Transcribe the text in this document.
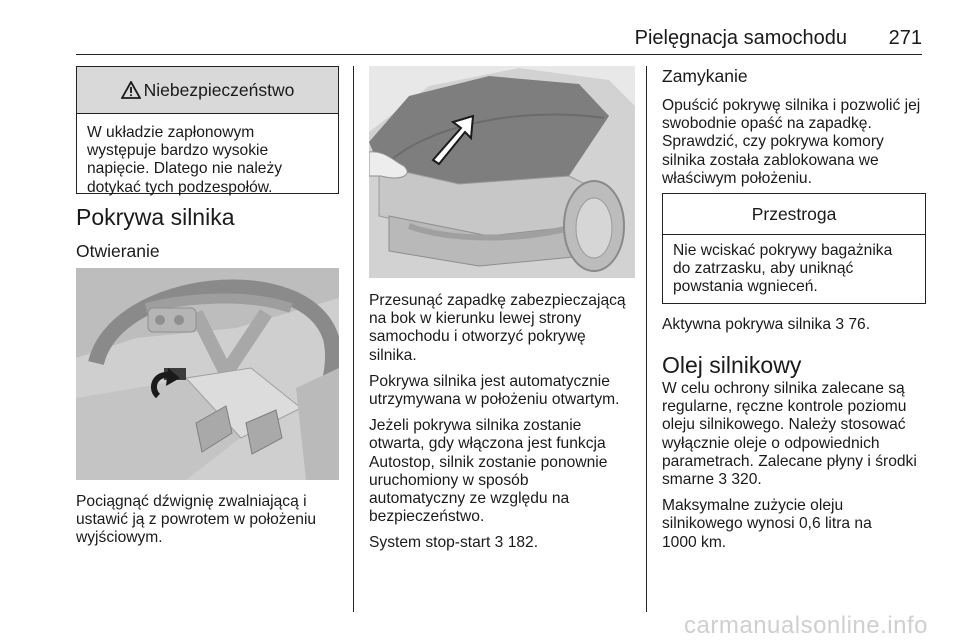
Pielęgnacja samochodu 271
Niebezpieczeństwo

W układzie zapłonowym

występuje bardzo wysokie

napięcie. Dlatego nie należy

dotykać tych podzespołów.

Pokrywa silnika
Otwieranie

Pociągnąć dźwignię zwalniającą i

ustawić ją z powrotem w położeniu

wyjściowym.

Przesunąć zapadkę zabezpieczającą

na bok w kierunku lewej strony

samochodu i otworzyć pokrywę

silnika.

Pokrywa silnika jest automatycznie

utrzymywana w położeniu otwartym.

Jeżeli pokrywa silnika zostanie

otwarta, gdy włączona jest funkcja

Autostop, silnik zostanie ponownie

uruchomiony w sposób

automatyczny ze względu na

bezpieczeństwo.

System stop-start 3 182.

Zamykanie

Opuścić pokrywę silnika i pozwolić jej

swobodnie opaść na zapadkę.

Sprawdzić, czy pokrywa komory

silnika została zablokowana we

właściwym położeniu.

Przestroga

Nie wciskać pokrywy bagażnika

do zatrzasku, aby uniknąć

powstania wgnieceń.

Aktywna pokrywa silnika 3 76.

Olej silnikowy

W celu ochrony silnika zalecane są

regularne, ręczne kontrole poziomu

oleju silnikowego. Należy stosować

wyłącznie oleje o odpowiednich

parametrach. Zalecane płyny i środki

smarne 3 320.

Maksymalne zużycie oleju

silnikowego wynosi 0,6 litra na

1000 km.

carmanualsonline.info
